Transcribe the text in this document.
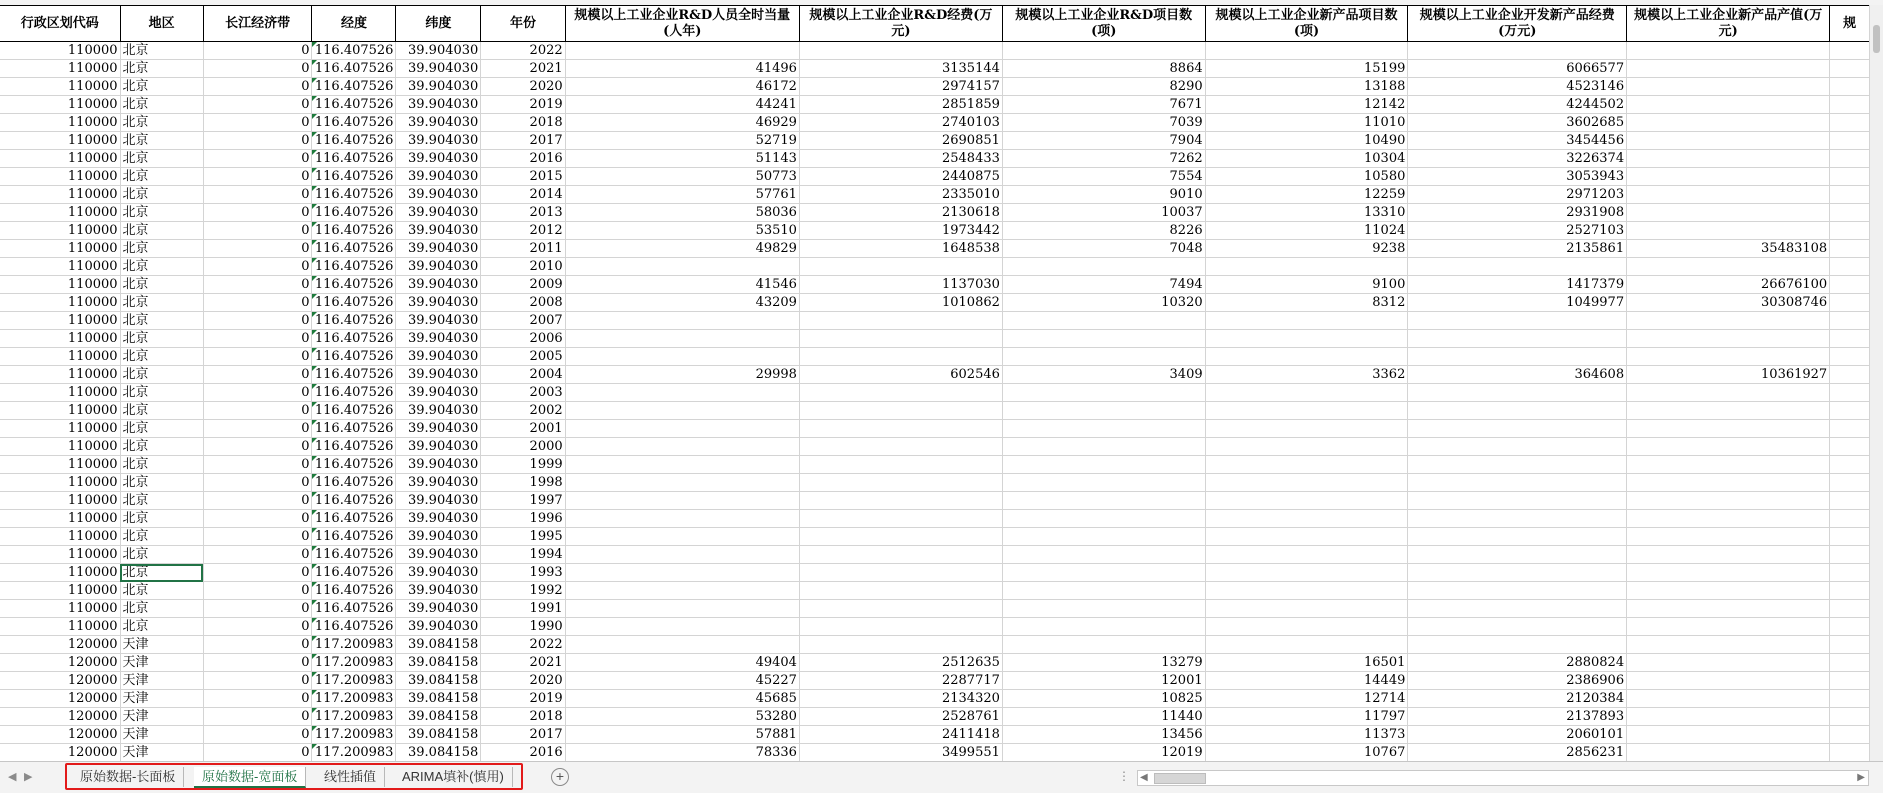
行政区划代码	地区	长江经济带	经度	纬度	年份	规模以上工业企业R&D人员全时当量(人年)	规模以上工业企业R&D经费(万元)	规模以上工业企业R&D项目数(项)	规模以上工业企业新产品项目数(项)	规模以上工业企业开发新产品经费(万元)	规模以上工业企业新产品产值(万元)	规
110000	北京	0	116.407526	39.904030	2022							
110000	北京	0	116.407526	39.904030	2021	41496	3135144	8864	15199	6066577		
110000	北京	0	116.407526	39.904030	2020	46172	2974157	8290	13188	4523146		
110000	北京	0	116.407526	39.904030	2019	44241	2851859	7671	12142	4244502		
110000	北京	0	116.407526	39.904030	2018	46929	2740103	7039	11010	3602685		
110000	北京	0	116.407526	39.904030	2017	52719	2690851	7904	10490	3454456		
110000	北京	0	116.407526	39.904030	2016	51143	2548433	7262	10304	3226374		
110000	北京	0	116.407526	39.904030	2015	50773	2440875	7554	10580	3053943		
110000	北京	0	116.407526	39.904030	2014	57761	2335010	9010	12259	2971203		
110000	北京	0	116.407526	39.904030	2013	58036	2130618	10037	13310	2931908		
110000	北京	0	116.407526	39.904030	2012	53510	1973442	8226	11024	2527103		
110000	北京	0	116.407526	39.904030	2011	49829	1648538	7048	9238	2135861	35483108	
110000	北京	0	116.407526	39.904030	2010							
110000	北京	0	116.407526	39.904030	2009	41546	1137030	7494	9100	1417379	26676100	
110000	北京	0	116.407526	39.904030	2008	43209	1010862	10320	8312	1049977	30308746	
110000	北京	0	116.407526	39.904030	2007							
110000	北京	0	116.407526	39.904030	2006							
110000	北京	0	116.407526	39.904030	2005							
110000	北京	0	116.407526	39.904030	2004	29998	602546	3409	3362	364608	10361927	
110000	北京	0	116.407526	39.904030	2003							
110000	北京	0	116.407526	39.904030	2002							
110000	北京	0	116.407526	39.904030	2001							
110000	北京	0	116.407526	39.904030	2000							
110000	北京	0	116.407526	39.904030	1999							
110000	北京	0	116.407526	39.904030	1998							
110000	北京	0	116.407526	39.904030	1997							
110000	北京	0	116.407526	39.904030	1996							
110000	北京	0	116.407526	39.904030	1995							
110000	北京	0	116.407526	39.904030	1994							
110000	北京	0	116.407526	39.904030	1993							
110000	北京	0	116.407526	39.904030	1992							
110000	北京	0	116.407526	39.904030	1991							
110000	北京	0	116.407526	39.904030	1990							
120000	天津	0	117.200983	39.084158	2022							
120000	天津	0	117.200983	39.084158	2021	49404	2512635	13279	16501	2880824		
120000	天津	0	117.200983	39.084158	2020	45227	2287717	12001	14449	2386906		
120000	天津	0	117.200983	39.084158	2019	45685	2134320	10825	12714	2120384		
120000	天津	0	117.200983	39.084158	2018	53280	2528761	11440	11797	2137893		
120000	天津	0	117.200983	39.084158	2017	57881	2411418	13456	11373	2060101		
120000	天津	0	117.200983	39.084158	2016	78336	3499551	12019	10767	2856231		
◀ ▶	原始数据-长面板	原始数据-宽面板	线性插值	ARIMA填补(慎用)	+	⋮ ◀	▶
